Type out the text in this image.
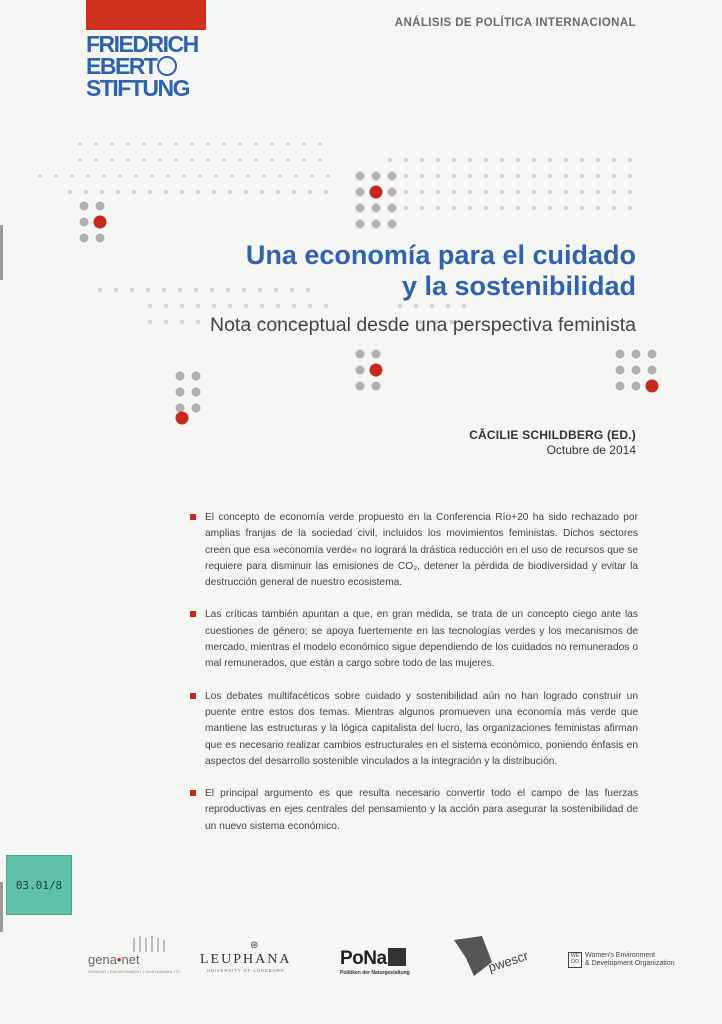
FRIEDRICH
EBERT
STIFTUNG
ANÁLISIS DE POLÍTICA INTERNACIONAL
Una economía para el cuidado
y la sostenibilidad
Nota conceptual desde una perspectiva feminista
CĂCILIE SCHILDBERG (ED.)
Octubre de 2014
El concepto de economía verde propuesto en la Conferencia Río+20 ha sido rechazado por amplias franjas de la sociedad civil, incluidos los movimientos feministas. Dichos sectores creen que esa »economía verde« no logrará la drástica reducción en el uso de recursos que se requiere para disminuir las emisiones de CO₂, detener la pérdida de biodiversidad y evitar la destrucción general de nuestro ecosistema.
Las críticas también apuntan a que, en gran medida, se trata de un concepto ciego ante las cuestiones de género; se apoya fuertemente en las tecnologías verdes y los mecanismos de mercado, mientras el modelo económico sigue dependiendo de los cuidados no remunerados o mal remunerados, que están a cargo sobre todo de las mujeres.
Los debates multifacéticos sobre cuidado y sostenibilidad aún no han logrado construir un puente entre estos dos temas. Mientras algunos promueven una economía más verde que mantiene las estructuras y la lógica capitalista del lucro, las organizaciones feministas afirman que es necesario realizar cambios estructurales en el sistema económico, poniendo énfasis en aspectos del desarrollo sostenible vinculados a la integración y la distribución.
El principal argumento es que resulta necesario convertir todo el campo de las fuerzas reproductivas en ejes centrales del pensamiento y la acción para asegurar la sostenibilidad de un nuevo sistema económico.
03.01/8
gena•net
GENDER | ENVIRONMENT | SUSTAINABILITY
⊛
LEUPHANA
UNIVERSITY OF LÜNEBURG
PoNa
Politiken der Naturgestaltung	pwescr	WE DOWomen's Environment
& Development Organization
